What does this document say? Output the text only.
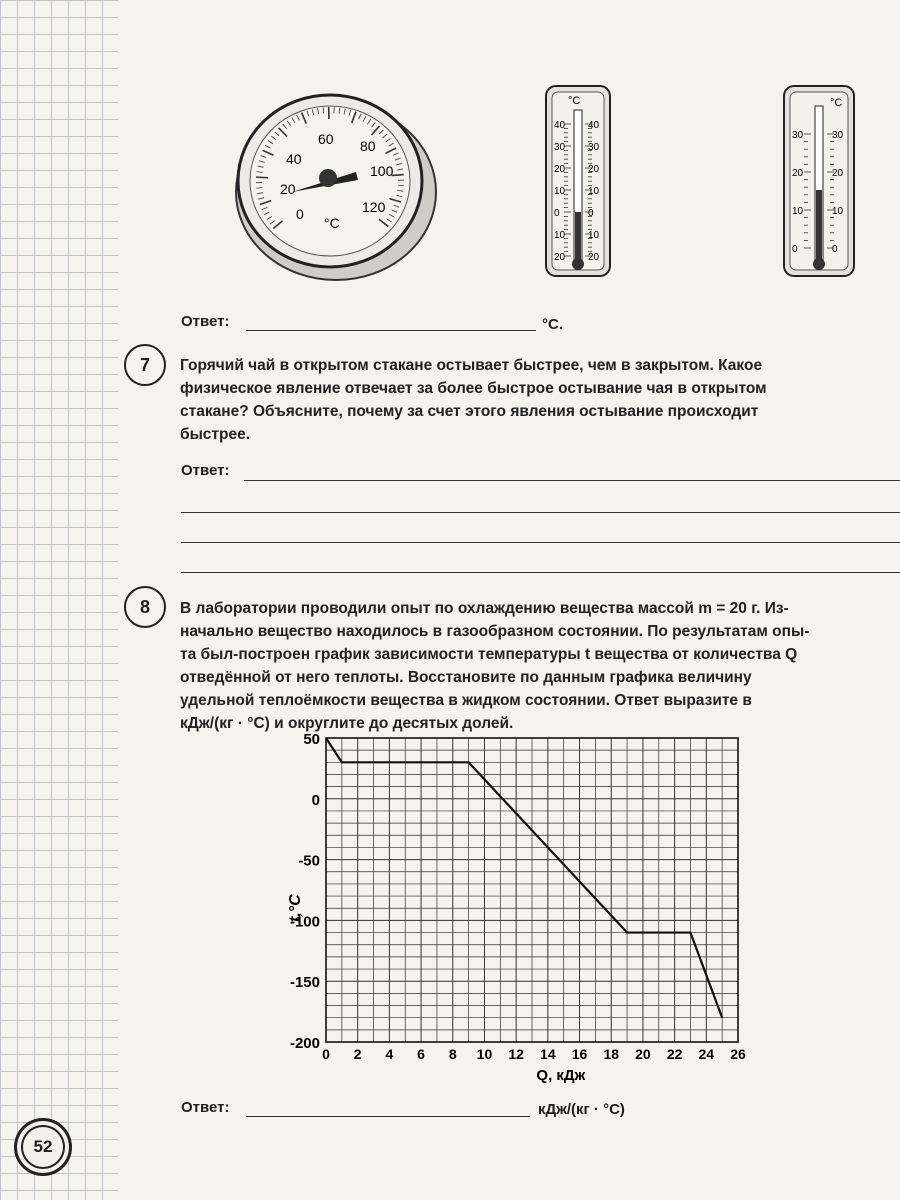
0
20
40
60 80
100
120
°C
°C
40 40
30 30
20 20
10 10
0	0
10 10
20 20
°C
30	30
20	20
10	10
0	0
Ответ:	°С.
7	Горячий чай в открытом стакане остывает быстрее, чем в закрытом. Какое
физическое явление отвечает за более быстрое остывание чая в открытом
стакане? Объясните, почему за счет этого явления остывание происходит
быстрее.
Ответ:
8	В лаборатории проводили опыт по охлаждению вещества массой m = 20 г. Из-
начально вещество находилось в газообразном состоянии. По результатам опы-
та был-построен график зависимости температуры t вещества от количества Q
отведённой от него теплоты. Восстановите по данным графика величину
удельной теплоёмкости вещества в жидком состоянии. Ответ выразите в
кДж/(кг · °С) и округлите до десятых долей.
50
0
-50
-100
-150
-200
0 2 4 6 8 10 12 14 16 18 20 22 24 26
t,°С
Q, кДж
Ответ:	кДж/(кг · °С)
52
